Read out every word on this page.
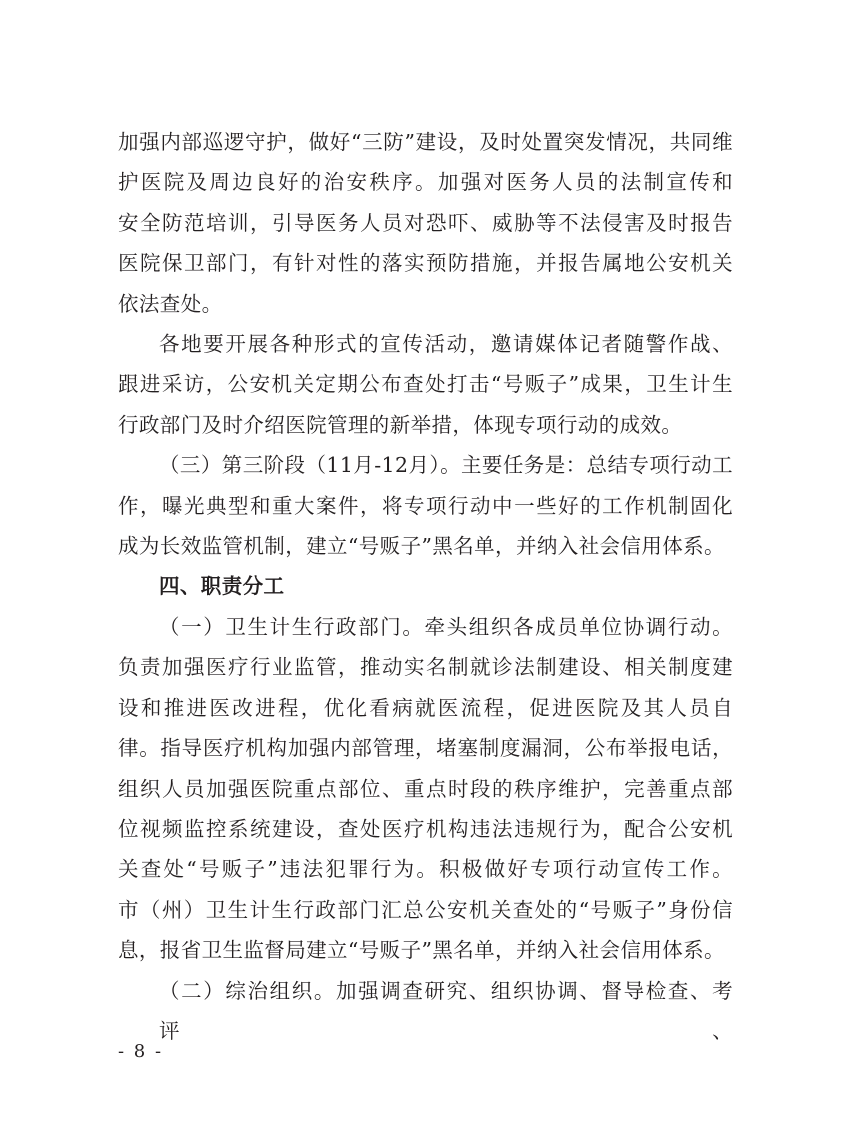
加强内部巡逻守护，做好“三防”建设，及时处置突发情况，共同维
护医院及周边良好的治安秩序。加强对医务人员的法制宣传和
安全防范培训，引导医务人员对恐吓、威胁等不法侵害及时报告
医院保卫部门，有针对性的落实预防措施，并报告属地公安机关
依法查处。

各地要开展各种形式的宣传活动，邀请媒体记者随警作战、
跟进采访，公安机关定期公布查处打击“号贩子”成果，卫生计生
行政部门及时介绍医院管理的新举措，体现专项行动的成效。

（三）第三阶段（11月-12月）。主要任务是：总结专项行动工
作，曝光典型和重大案件，将专项行动中一些好的工作机制固化
成为长效监管机制，建立“号贩子”黑名单，并纳入社会信用体系。

四、职责分工

（一）卫生计生行政部门。牵头组织各成员单位协调行动。
负责加强医疗行业监管，推动实名制就诊法制建设、相关制度建
设和推进医改进程，优化看病就医流程，促进医院及其人员自
律。指导医疗机构加强内部管理，堵塞制度漏洞，公布举报电话，
组织人员加强医院重点部位、重点时段的秩序维护，完善重点部
位视频监控系统建设，查处医疗机构违法违规行为，配合公安机
关查处“号贩子”违法犯罪行为。积极做好专项行动宣传工作。
市（州）卫生计生行政部门汇总公安机关查处的“号贩子”身份信
息，报省卫生监督局建立“号贩子”黑名单，并纳入社会信用体系。

（二）综治组织。加强调查研究、组织协调、督导检查、考评、

- 8 -
